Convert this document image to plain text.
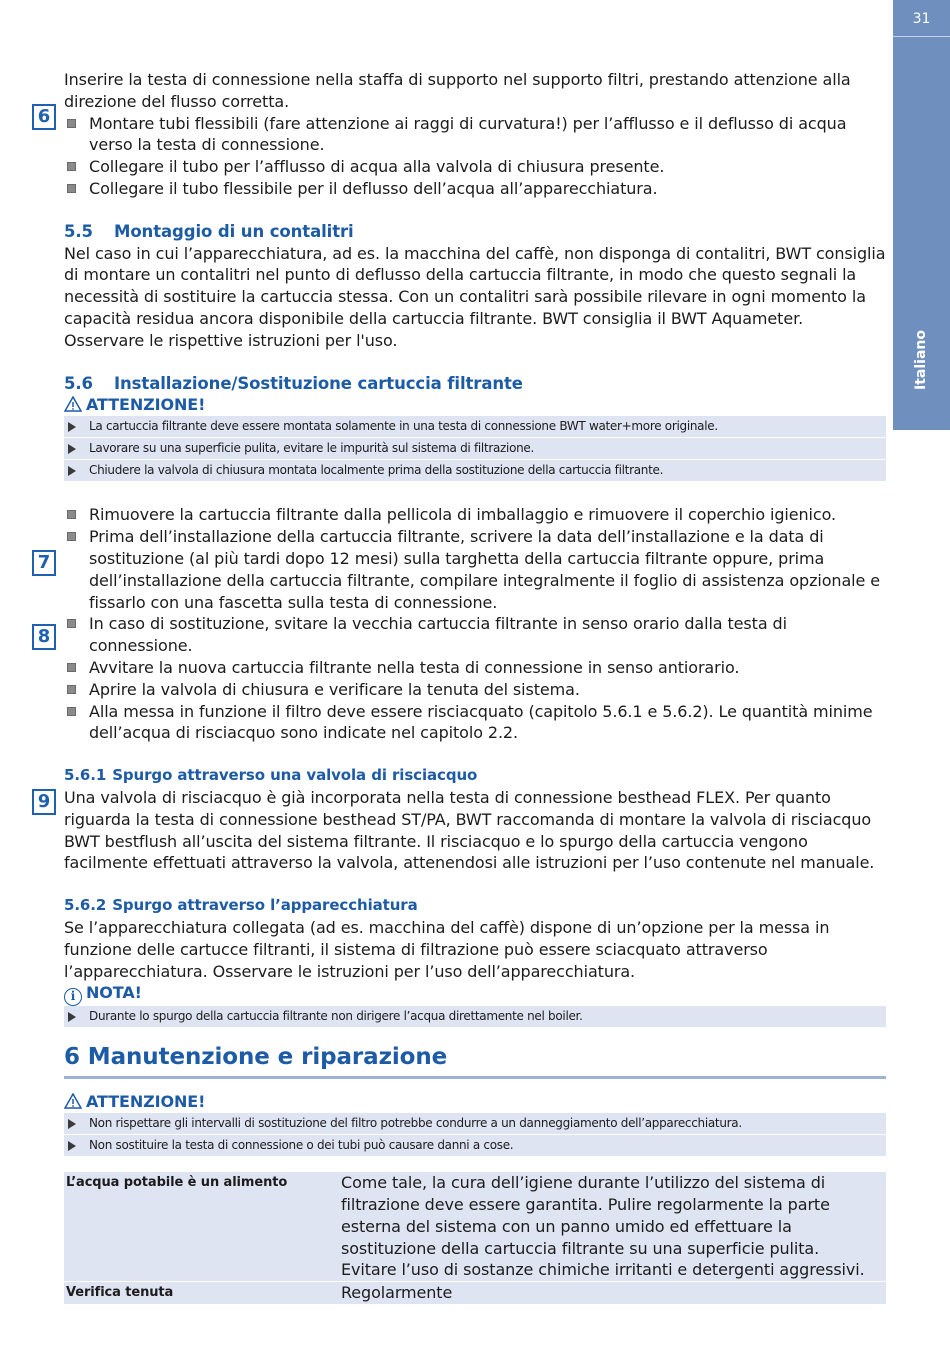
31
Italiano
6
7
8
9

Inserire la testa di connessione nella staffa di supporto nel supporto filtri, prestando attenzione alla direzione del flusso corretta.

Montare tubi flessibili (fare attenzione ai raggi di curvatura!) per l’afflusso e il deflusso di acqua verso la testa di connessione.
Collegare il tubo per l’afflusso di acqua alla valvola di chiusura presente.
Collegare il tubo flessibile per il deflusso dell’acqua all’apparecchiatura.
5.5 Montaggio di un contalitri

Nel caso in cui l’apparecchiatura, ad es. la macchina del caffè, non disponga di contalitri, BWT consiglia di montare un contalitri nel punto di deflusso della cartuccia filtrante, in modo che questo segnali la necessità di sostituire la cartuccia stessa. Con un contalitri sarà possibile rilevare in ogni momento la capacità residua ancora disponibile della cartuccia filtrante. BWT consiglia il BWT Aquameter. Osservare le rispettive istruzioni per l'uso.

5.6 Installazione/Sostituzione cartuccia filtrante
ATTENZIONE!
La cartuccia filtrante deve essere montata solamente in una testa di connessione BWT water+more originale.
Lavorare su una superficie pulita, evitare le impurità sul sistema di filtrazione.
Chiudere la valvola di chiusura montata localmente prima della sostituzione della cartuccia filtrante.
Rimuovere la cartuccia filtrante dalla pellicola di imballaggio e rimuovere il coperchio igienico.
Prima dell’installazione della cartuccia filtrante, scrivere la data dell’installazione e la data di sostituzione (al più tardi dopo 12 mesi) sulla targhetta della cartuccia filtrante oppure, prima dell’installazione della cartuccia filtrante, compilare integralmente il foglio di assistenza opzionale e fissarlo con una fascetta sulla testa di connessione.
In caso di sostituzione, svitare la vecchia cartuccia filtrante in senso orario dalla testa di connessione.
Avvitare la nuova cartuccia filtrante nella testa di connessione in senso antiorario.
Aprire la valvola di chiusura e verificare la tenuta del sistema.
Alla messa in funzione il filtro deve essere risciacquato (capitolo 5.6.1 e 5.6.2). Le quantità minime dell’acqua di risciacquo sono indicate nel capitolo 2.2.
5.6.1 Spurgo attraverso una valvola di risciacquo

Una valvola di risciacquo è già incorporata nella testa di connessione besthead FLEX. Per quanto riguarda la testa di connessione besthead ST/PA, BWT raccomanda di montare la valvola di risciacquo BWT bestflush all’uscita del sistema filtrante. Il risciacquo e lo spurgo della cartuccia vengono facilmente effettuati attraverso la valvola, attenendosi alle istruzioni per l’uso contenute nel manuale.

5.6.2 Spurgo attraverso l’apparecchiatura

Se l’apparecchiatura collegata (ad es. macchina del caffè) dispone di un’opzione per la messa in funzione delle cartucce filtranti, il sistema di filtrazione può essere sciacquato attraverso l’apparecchiatura. Osservare le istruzioni per l’uso dell’apparecchiatura.

i NOTA!
Durante lo spurgo della cartuccia filtrante non dirigere l’acqua direttamente nel boiler.
6 Manutenzione e riparazione
ATTENZIONE!
Non rispettare gli intervalli di sostituzione del filtro potrebbe condurre a un danneggiamento dell’apparecchiatura.
Non sostituire la testa di connessione o dei tubi può causare danni a cose.
L’acqua potabile è un alimento	Come tale, la cura dell’igiene durante l’utilizzo del sistema di filtrazione deve essere garantita. Pulire regolarmente la parte esterna del sistema con un panno umido ed effettuare la sostituzione della cartuccia filtrante su una superficie pulita. Evitare l’uso di sostanze chimiche irritanti e detergenti aggressivi.
Verifica tenuta	Regolarmente
